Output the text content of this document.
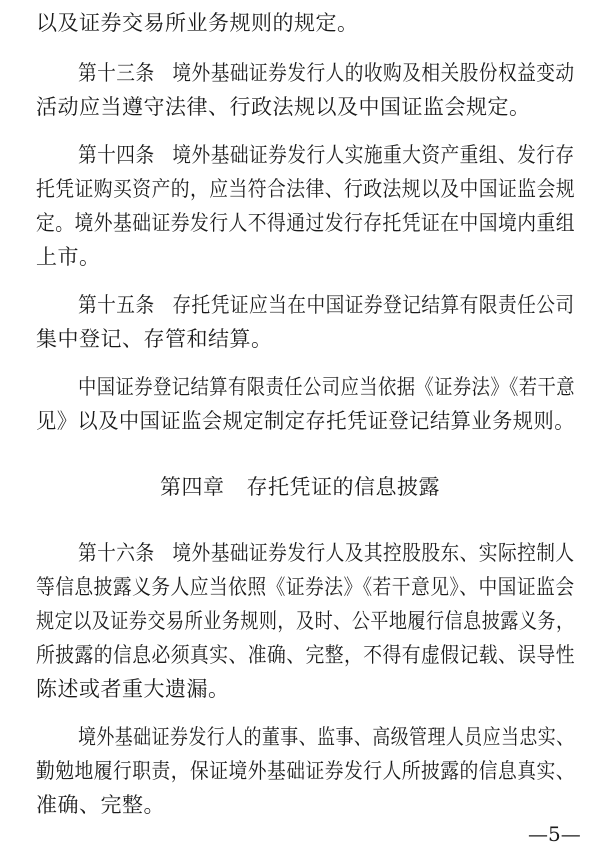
以及证券交易所业务规则的规定。
第十三条 境外基础证券发行人的收购及相关股份权益变动
活动应当遵守法律、行政法规以及中国证监会规定。
第十四条 境外基础证券发行人实施重大资产重组、发行存
托凭证购买资产的，应当符合法律、行政法规以及中国证监会规
定。境外基础证券发行人不得通过发行存托凭证在中国境内重组
上市。
第十五条 存托凭证应当在中国证券登记结算有限责任公司
集中登记、存管和结算。
中国证券登记结算有限责任公司应当依据《证券法》《若干意
见》以及中国证监会规定制定存托凭证登记结算业务规则。
第四章 存托凭证的信息披露
第十六条 境外基础证券发行人及其控股股东、实际控制人
等信息披露义务人应当依照《证券法》《若干意见》、中国证监会
规定以及证券交易所业务规则，及时、公平地履行信息披露义务，
所披露的信息必须真实、准确、完整，不得有虚假记载、误导性
陈述或者重大遗漏。
境外基础证券发行人的董事、监事、高级管理人员应当忠实、
勤勉地履行职责，保证境外基础证券发行人所披露的信息真实、
准确、完整。
—5—
